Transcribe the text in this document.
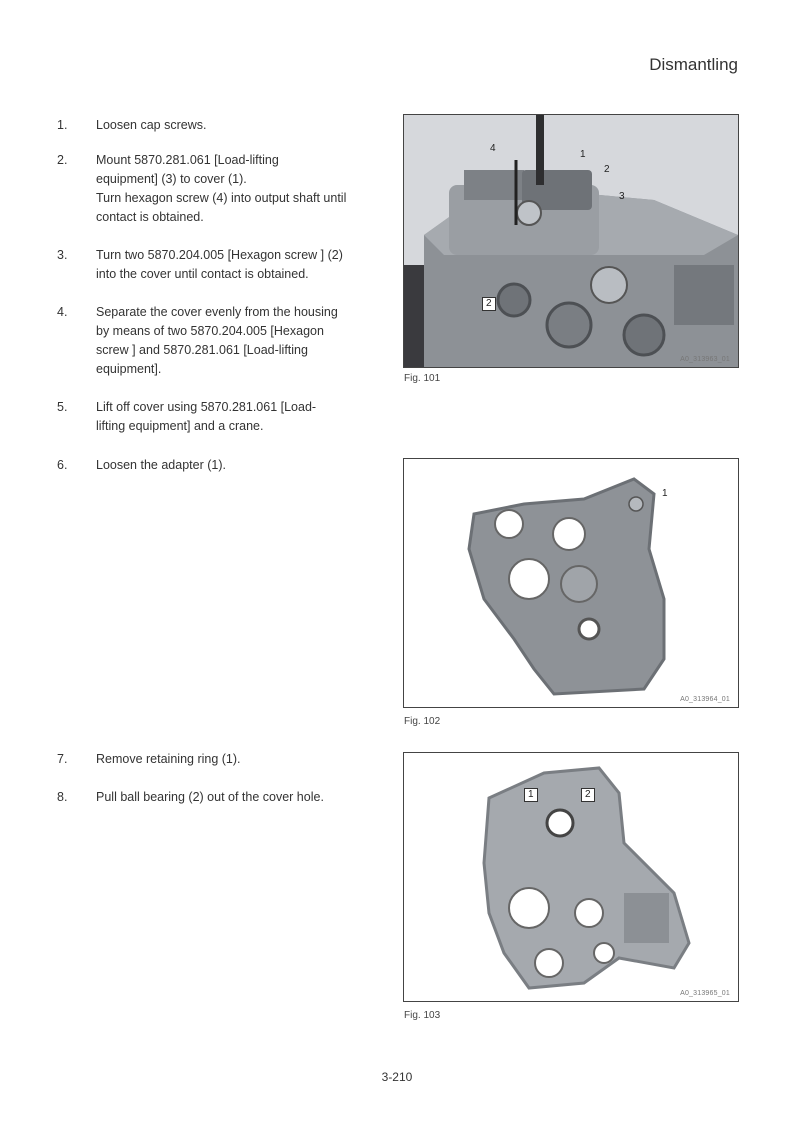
Dismantling
1. Loosen cap screws.
2. Mount 5870.281.061 [Load-lifting
equipment] (3) to cover (1).
Turn hexagon screw (4) into output shaft until
contact is obtained.
3. Turn two 5870.204.005 [Hexagon screw ] (2)
into the cover until contact is obtained.
4. Separate the cover evenly from the housing
by means of two 5870.204.005 [Hexagon
screw ] and 5870.281.061 [Load-lifting
equipment].
5. Lift off cover using 5870.281.061 [Load-
lifting equipment] and a crane.
6. Loosen the adapter (1).
7. Remove retaining ring (1).
8. Pull ball bearing (2) out of the cover hole.
4
1
2
3
2
A0_313963_01
Fig. 101
1
A0_313964_01
Fig. 102
1	2
A0_313965_01
Fig. 103
3-210
